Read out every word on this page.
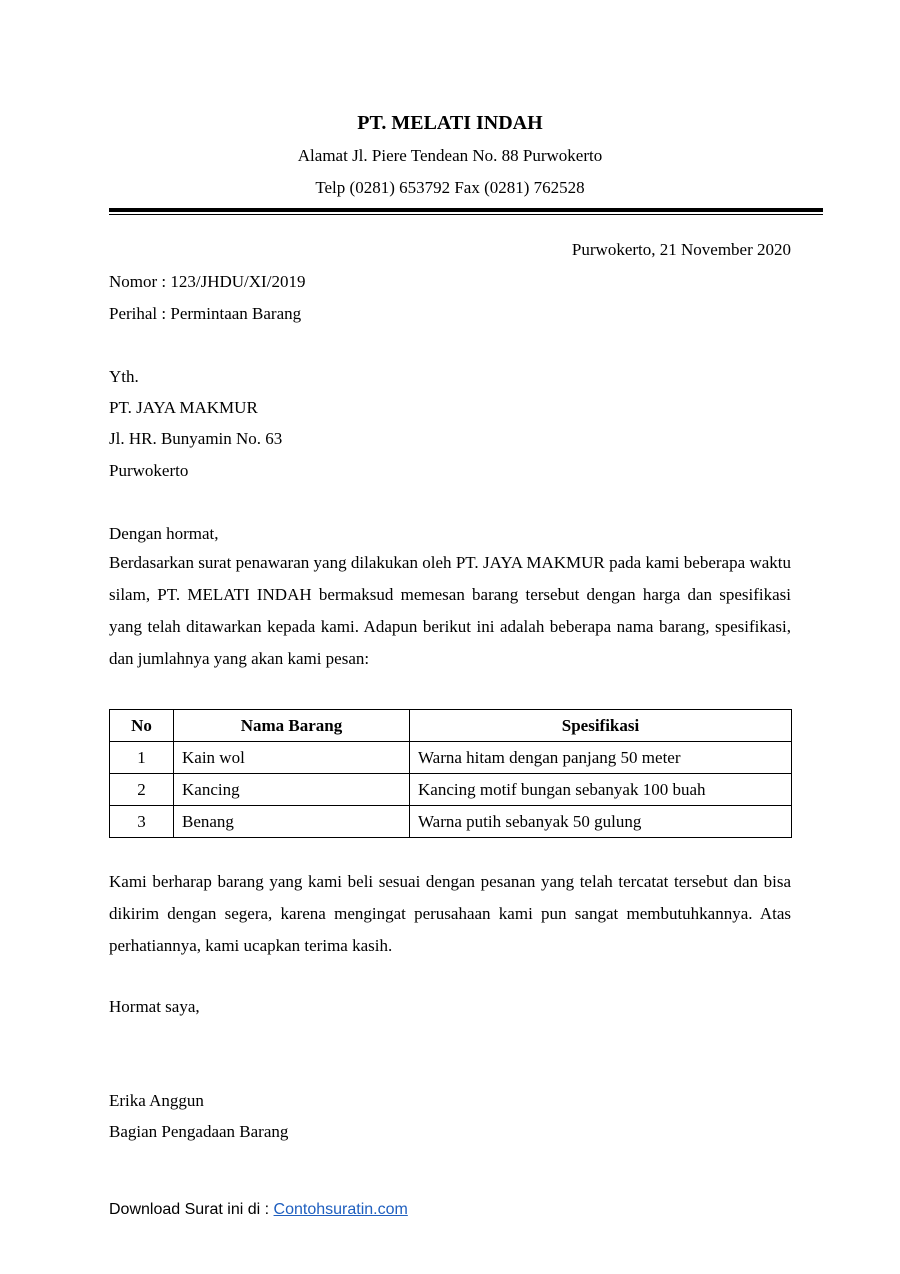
PT. MELATI INDAH
Alamat Jl. Piere Tendean No. 88 Purwokerto
Telp (0281) 653792 Fax (0281) 762528
Purwokerto, 21 November 2020
Nomor : 123/JHDU/XI/2019
Perihal : Permintaan Barang
Yth.
PT. JAYA MAKMUR
Jl. HR. Bunyamin No. 63
Purwokerto
Dengan hormat,
Berdasarkan surat penawaran yang dilakukan oleh PT. JAYA MAKMUR pada kami beberapa waktu silam, PT. MELATI INDAH bermaksud memesan barang tersebut dengan harga dan spesifikasi yang telah ditawarkan kepada kami. Adapun berikut ini adalah beberapa nama barang, spesifikasi, dan jumlahnya yang akan kami pesan:
No	Nama Barang	Spesifikasi
1	Kain wol	Warna hitam dengan panjang 50 meter
2	Kancing	Kancing motif bungan sebanyak 100 buah
3	Benang	Warna putih sebanyak 50 gulung
Kami berharap barang yang kami beli sesuai dengan pesanan yang telah tercatat tersebut dan bisa dikirim dengan segera, karena mengingat perusahaan kami pun sangat membutuhkannya. Atas perhatiannya, kami ucapkan terima kasih.
Hormat saya,
Erika Anggun
Bagian Pengadaan Barang
Download Surat ini di : Contohsuratin.com
